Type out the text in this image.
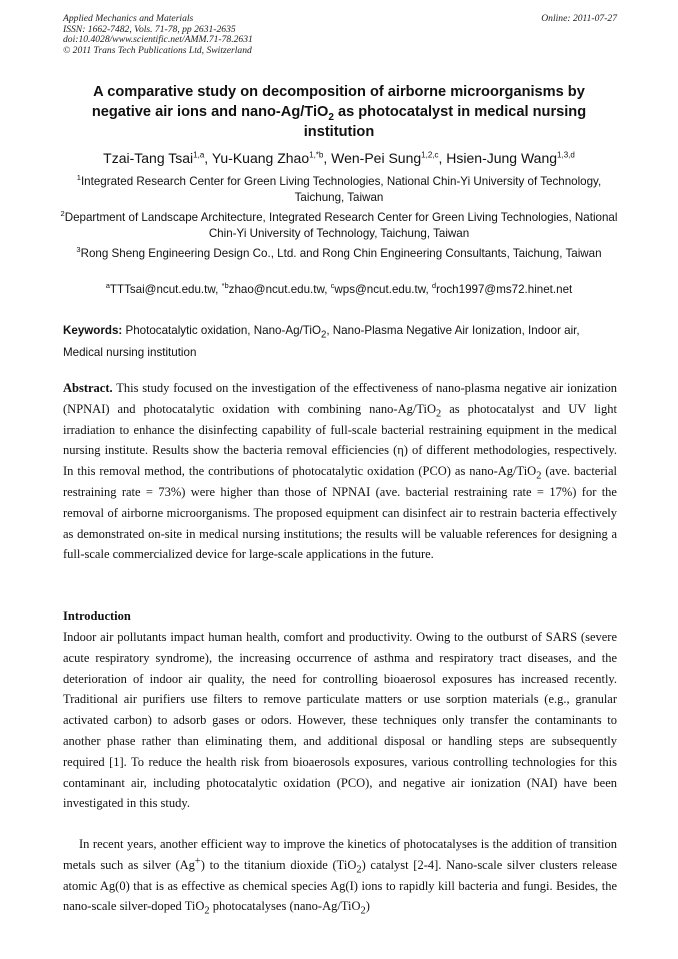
Applied Mechanics and Materials	Online: 2011-07-27
ISSN: 1662-7482, Vols. 71-78, pp 2631-2635
doi:10.4028/www.scientific.net/AMM.71-78.2631
© 2011 Trans Tech Publications Ltd, Switzerland
A comparative study on decomposition of airborne microorganisms by
negative air ions and nano-Ag/TiO$_2$ as photocatalyst in medical nursing
institution
Tzai-Tang Tsai$^{1,a}$, Yu-Kuang Zhao$^{1,*b}$, Wen-Pei Sung$^{1,2,c}$, Hsien-Jung Wang$^{1,3,d}$
$^1$Integrated Research Center for Green Living Technologies, National Chin-Yi University of Technology, Taichung, Taiwan
$^2$Department of Landscape Architecture, Integrated Research Center for Green Living Technologies, National Chin-Yi University of Technology, Taichung, Taiwan
$^3$Rong Sheng Engineering Design Co., Ltd. and Rong Chin Engineering Consultants, Taichung, Taiwan
$^a$TTTsai@ncut.edu.tw, $^{*b}$zhao@ncut.edu.tw, $^c$wps@ncut.edu.tw, $^d$roch1997@ms72.hinet.net
Keywords: Photocatalytic oxidation, Nano-Ag/TiO$_2$, Nano-Plasma Negative Air Ionization, Indoor air, Medical nursing institution
Abstract. This study focused on the investigation of the effectiveness of nano-plasma negative air ionization (NPNAI) and photocatalytic oxidation with combining nano-Ag/TiO$_2$ as photocatalyst and UV light irradiation to enhance the disinfecting capability of full-scale bacterial restraining equipment in the medical nursing institute. Results show the bacteria removal efficiencies (η) of different methodologies, respectively. In this removal method, the contributions of photocatalytic oxidation (PCO) as nano-Ag/TiO$_2$ (ave. bacterial restraining rate = 73%) were higher than those of NPNAI (ave. bacterial restraining rate = 17%) for the removal of airborne microorganisms. The proposed equipment can disinfect air to restrain bacteria effectively as demonstrated on-site in medical nursing institutions; the results will be valuable references for designing a full-scale commercialized device for large-scale applications in the future.
Introduction
Indoor air pollutants impact human health, comfort and productivity. Owing to the outburst of SARS (severe acute respiratory syndrome), the increasing occurrence of asthma and respiratory tract diseases, and the deterioration of indoor air quality, the need for controlling bioaerosol exposures has increased recently. Traditional air purifiers use filters to remove particulate matters or use sorption materials (e.g., granular activated carbon) to adsorb gases or odors. However, these techniques only transfer the contaminants to another phase rather than eliminating them, and additional disposal or handling steps are subsequently required [1]. To reduce the health risk from bioaerosols exposures, various controlling technologies for this contaminant air, including photocatalytic oxidation (PCO), and negative air ionization (NAI) have been investigated in this study.
In recent years, another efficient way to improve the kinetics of photocatalyses is the addition of transition metals such as silver (Ag+) to the titanium dioxide (TiO$_2$) catalyst [2-4]. Nano-scale silver clusters release atomic Ag(0) that is as effective as chemical species Ag(I) ions to rapidly kill bacteria and fungi. Besides, the nano-scale silver-doped TiO$_2$ photocatalyses (nano-Ag/TiO$_2$)
